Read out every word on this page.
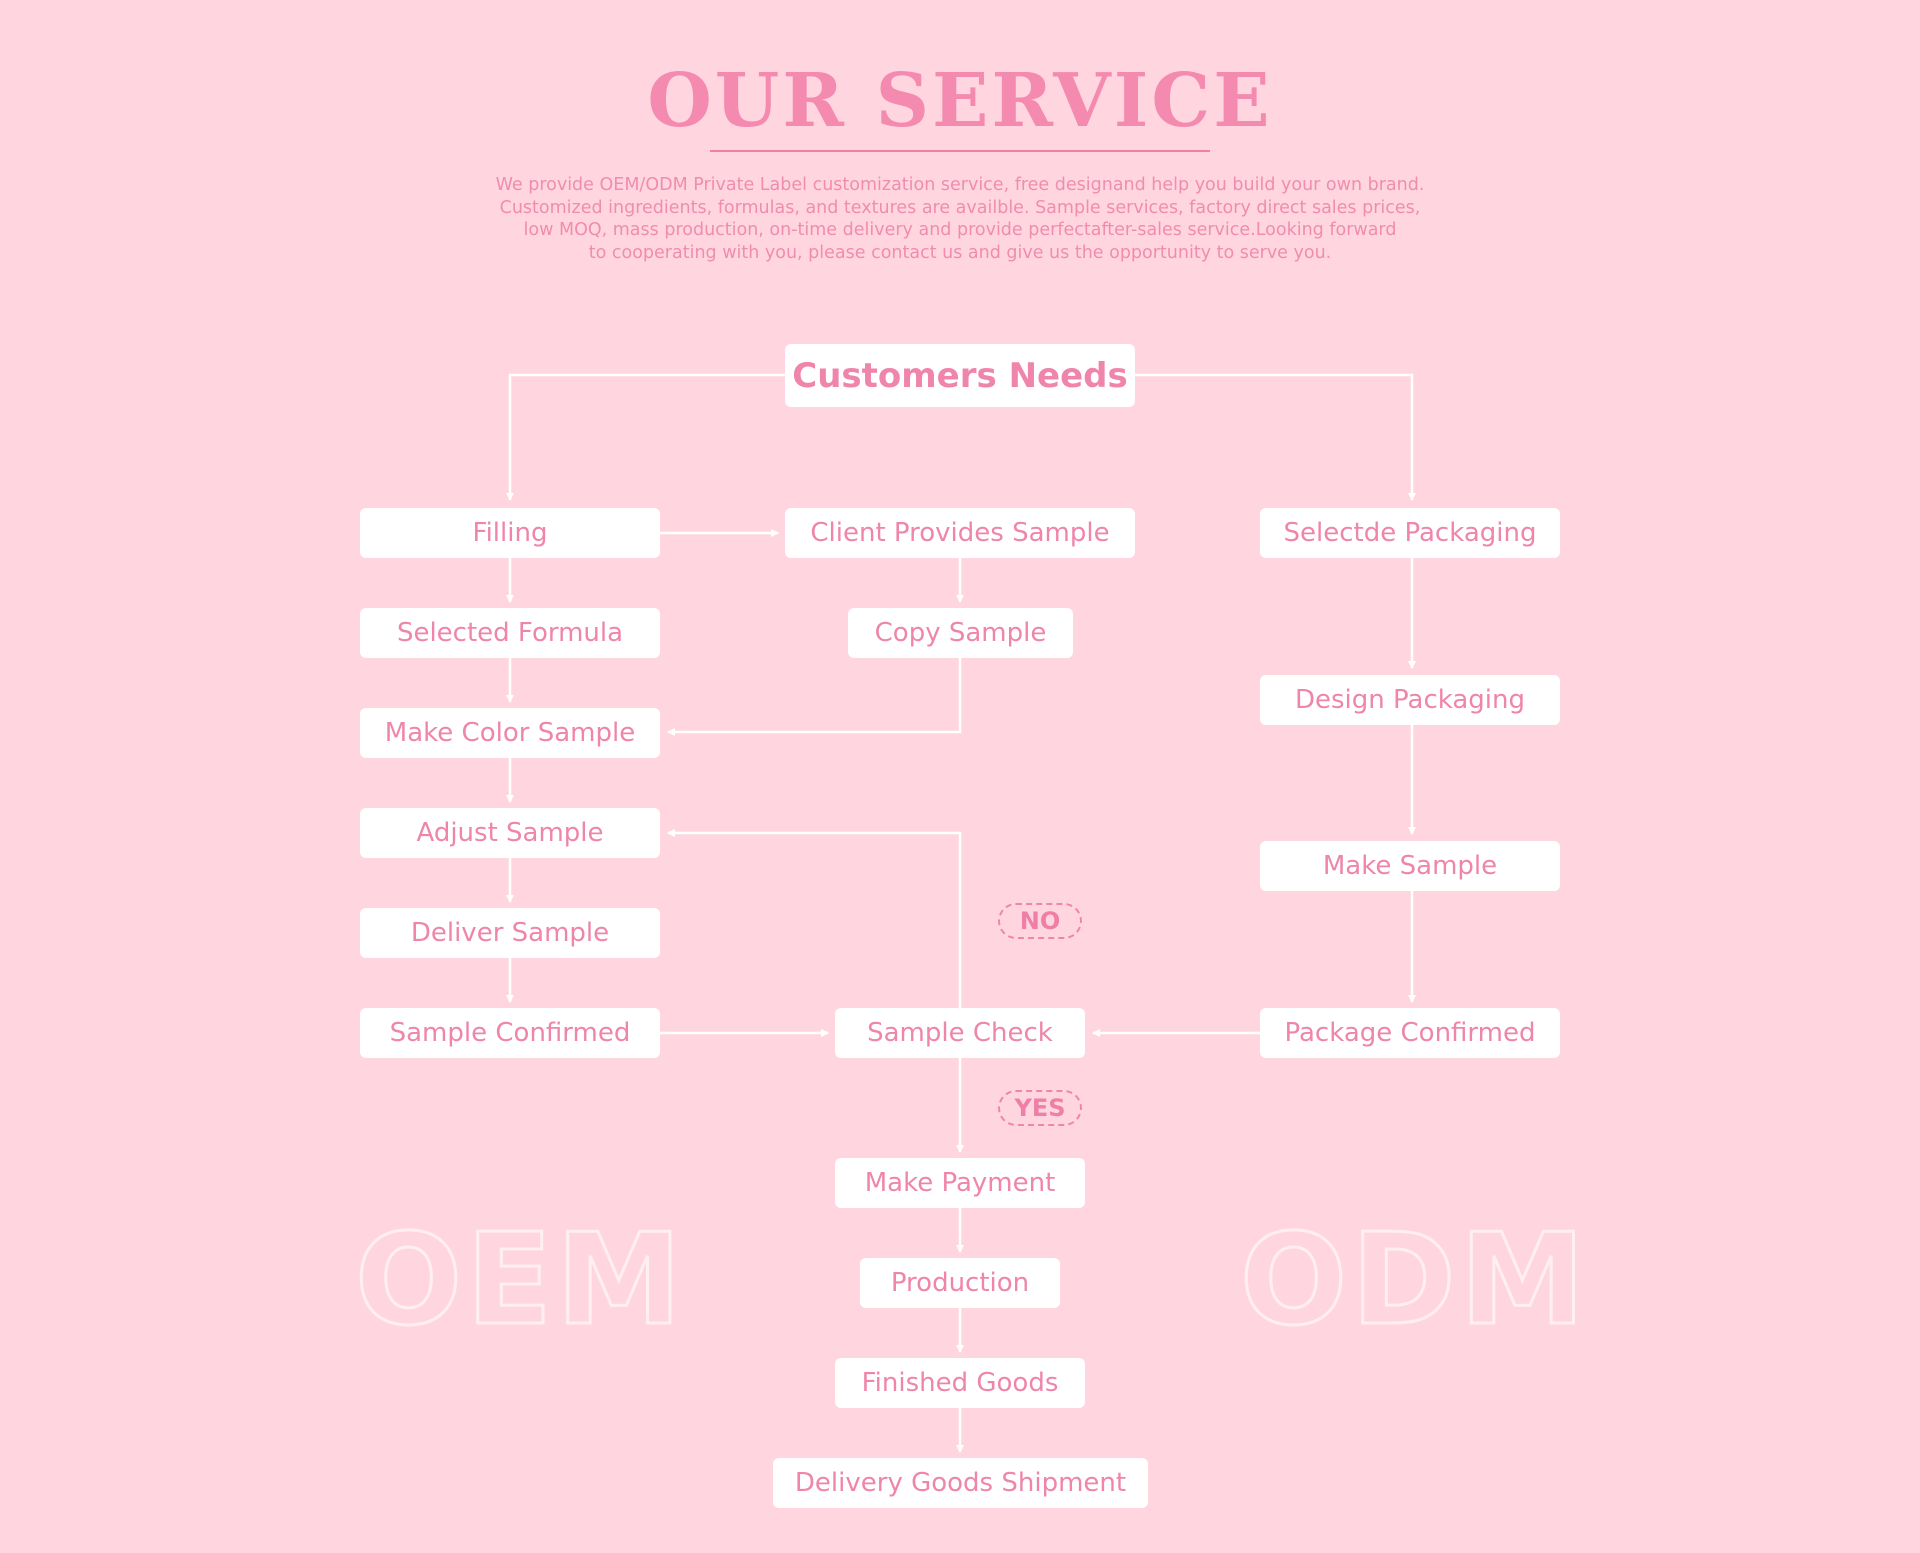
OUR SERVICE

We provide OEM/ODM Private Label customization service, free designand help you build your own brand.
Customized ingredients, formulas, and textures are availble. Sample services, factory direct sales prices,
low MOQ, mass production, on-time delivery and provide perfectafter-sales service.Looking forward
to cooperating with you, please contact us and give us the opportunity to serve you.

OEM	ODM
Customers Needs
Filling	Client Provides Sample	Selectde Packaging
Selected Formula	Copy Sample
Make Color Sample
Design Packaging
Adjust Sample
Make Sample
Deliver Sample
Sample Confirmed	Sample Check	Package Confirmed
Make Payment
Production
Finished Goods
Delivery Goods Shipment
NO
YES
